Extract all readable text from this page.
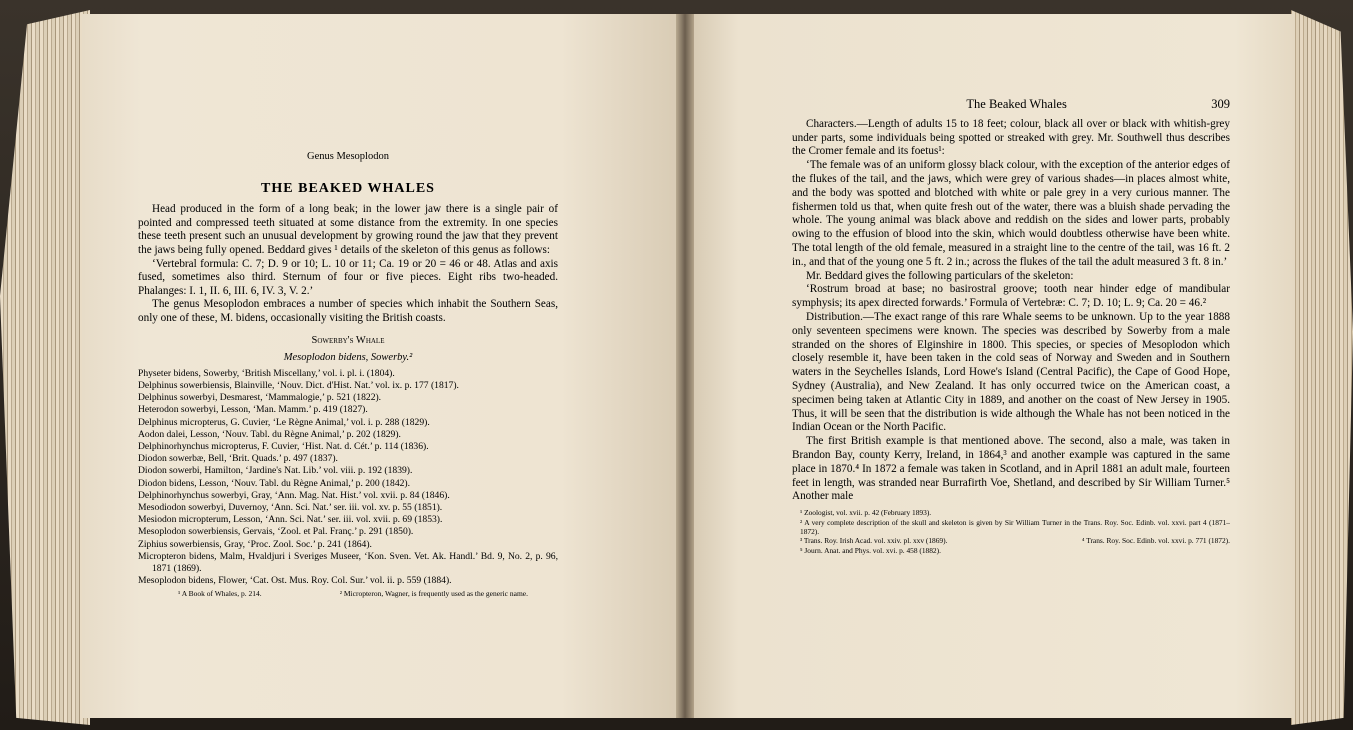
Genus Mesoplodon
THE BEAKED WHALES

Head produced in the form of a long beak; in the lower jaw there is a single pair of pointed and compressed teeth situated at some distance from the extremity. In one species these teeth present such an unusual development by growing round the jaw that they prevent the jaws being fully opened. Beddard gives ¹ details of the skeleton of this genus as follows:

‘Vertebral formula: C. 7; D. 9 or 10; L. 10 or 11; Ca. 19 or 20 = 46 or 48. Atlas and axis fused, sometimes also third. Sternum of four or five pieces. Eight ribs two-headed. Phalanges: I. 1, II. 6, III. 6, IV. 3, V. 2.’

The genus Mesoplodon embraces a number of species which inhabit the Southern Seas, only one of these, M. bidens, occasionally visiting the British coasts.

Sowerby's Whale
Mesoplodon bidens, Sowerby.²

Physeter bidens, Sowerby, ‘British Miscellany,’ vol. i. pl. i. (1804).

Delphinus sowerbiensis, Blainville, ‘Nouv. Dict. d'Hist. Nat.’ vol. ix. p. 177 (1817).

Delphinus sowerbyi, Desmarest, ‘Mammalogie,’ p. 521 (1822).

Heterodon sowerbyi, Lesson, ‘Man. Mamm.’ p. 419 (1827).

Delphinus micropterus, G. Cuvier, ‘Le Règne Animal,’ vol. i. p. 288 (1829).

Aodon dalei, Lesson, ‘Nouv. Tabl. du Règne Animal,’ p. 202 (1829).

Delphinorhynchus micropterus, F. Cuvier, ‘Hist. Nat. d. Cét.’ p. 114 (1836).

Diodon sowerbæ, Bell, ‘Brit. Quads.’ p. 497 (1837).

Diodon sowerbi, Hamilton, ‘Jardine's Nat. Lib.’ vol. viii. p. 192 (1839).

Diodon bidens, Lesson, ‘Nouv. Tabl. du Règne Animal,’ p. 200 (1842).

Delphinorhynchus sowerbyi, Gray, ‘Ann. Mag. Nat. Hist.’ vol. xvii. p. 84 (1846).

Mesodiodon sowerbyi, Duvernoy, ‘Ann. Sci. Nat.’ ser. iii. vol. xv. p. 55 (1851).

Mesiodon micropterum, Lesson, ‘Ann. Sci. Nat.’ ser. iii. vol. xvii. p. 69 (1853).

Mesoplodon sowerbiensis, Gervais, ‘Zool. et Pal. Franç.’ p. 291 (1850).

Ziphius sowerbiensis, Gray, ‘Proc. Zool. Soc.’ p. 241 (1864).

Micropteron bidens, Malm, Hvaldjuri i Sveriges Museer, ‘Kon. Sven. Vet. Ak. Handl.’ Bd. 9, No. 2, p. 96, 1871 (1869).

Mesoplodon bidens, Flower, ‘Cat. Ost. Mus. Roy. Col. Sur.’ vol. ii. p. 559 (1884).

¹ A Book of Whales, p. 214.	² Micropteron, Wagner, is frequently used as the generic name.
The Beaked Whales	309

Characters.—Length of adults 15 to 18 feet; colour, black all over or black with whitish-grey under parts, some individuals being spotted or streaked with grey. Mr. Southwell thus describes the Cromer female and its foetus¹:

‘The female was of an uniform glossy black colour, with the exception of the anterior edges of the flukes of the tail, and the jaws, which were grey of various shades—in places almost white, and the body was spotted and blotched with white or pale grey in a very curious manner. The fishermen told us that, when quite fresh out of the water, there was a bluish shade pervading the whole. The young animal was black above and reddish on the sides and lower parts, probably owing to the effusion of blood into the skin, which would doubtless otherwise have been white. The total length of the old female, measured in a straight line to the centre of the tail, was 16 ft. 2 in., and that of the young one 5 ft. 2 in.; across the flukes of the tail the adult measured 3 ft. 8 in.’

Mr. Beddard gives the following particulars of the skeleton:

‘Rostrum broad at base; no basirostral groove; tooth near hinder edge of mandibular symphysis; its apex directed forwards.’ Formula of Vertebræ: C. 7; D. 10; L. 9; Ca. 20 = 46.²

Distribution.—The exact range of this rare Whale seems to be unknown. Up to the year 1888 only seventeen specimens were known. The species was described by Sowerby from a male stranded on the shores of Elginshire in 1800. This species, or species of Mesoplodon which closely resemble it, have been taken in the cold seas of Norway and Sweden and in Southern waters in the Seychelles Islands, Lord Howe's Island (Central Pacific), the Cape of Good Hope, Sydney (Australia), and New Zealand. It has only occurred twice on the American coast, a specimen being taken at Atlantic City in 1889, and another on the coast of New Jersey in 1905. Thus, it will be seen that the distribution is wide although the Whale has not been noticed in the Indian Ocean or the North Pacific.

The first British example is that mentioned above. The second, also a male, was taken in Brandon Bay, county Kerry, Ireland, in 1864,³ and another example was captured in the same place in 1870.⁴ In 1872 a female was taken in Scotland, and in April 1881 an adult male, fourteen feet in length, was stranded near Burrafirth Voe, Shetland, and described by Sir William Turner.⁵ Another male

¹ Zoologist, vol. xvii. p. 42 (February 1893).
² A very complete description of the skull and skeleton is given by Sir William Turner in the Trans. Roy. Soc. Edinb. vol. xxvi. part 4 (1871–1872).
³ Trans. Roy. Irish Acad. vol. xxiv. pl. xxv (1869).	⁴ Trans. Roy. Soc. Edinb. vol. xxvi. p. 771 (1872).
⁵ Journ. Anat. and Phys. vol. xvi. p. 458 (1882).
